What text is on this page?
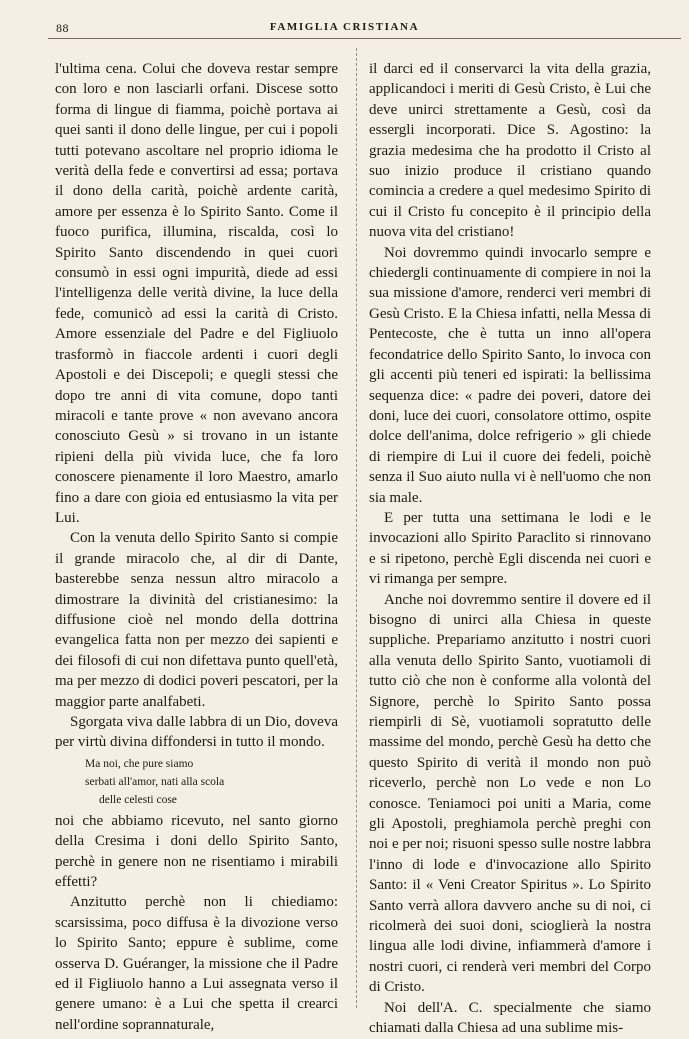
88	FAMIGLIA CRISTIANA

l'ultima cena. Colui che doveva restar sempre con loro e non lasciarli orfani. Discese sotto forma di lingue di fiamma, poichè portava ai quei santi il dono delle lingue, per cui i popoli tutti potevano ascoltare nel proprio idioma le verità della fede e convertirsi ad essa; portava il dono della carità, poichè ardente carità, amore per essenza è lo Spirito Santo. Come il fuoco purifica, illumina, riscalda, così lo Spirito Santo discendendo in quei cuori consumò in essi ogni impurità, diede ad essi l'intelligenza delle verità divine, la luce della fede, comunicò ad essi la carità di Cristo. Amore essenziale del Padre e del Figliuolo trasformò in fiaccole ardenti i cuori degli Apostoli e dei Discepoli; e quegli stessi che dopo tre anni di vita comune, dopo tanti miracoli e tante prove « non avevano ancora conosciuto Gesù » si trovano in un istante ripieni della più vivida luce, che fa loro conoscere pienamente il loro Maestro, amarlo fino a dare con gioia ed entusiasmo la vita per Lui.

Con la venuta dello Spirito Santo si compie il grande miracolo che, al dir di Dante, basterebbe senza nessun altro miracolo a dimostrare la divinità del cristianesimo: la diffusione cioè nel mondo della dottrina evangelica fatta non per mezzo dei sapienti e dei filosofi di cui non difettava punto quell'età, ma per mezzo di dodici poveri pescatori, per la maggior parte analfabeti.

Sgorgata viva dalle labbra di un Dio, doveva per virtù divina diffondersi in tutto il mondo.

Ma noi, che pure siamo
serbati all'amor, nati alla scola
delle celesti cose

noi che abbiamo ricevuto, nel santo giorno della Cresima i doni dello Spirito Santo, perchè in genere non ne risentiamo i mirabili effetti?

Anzitutto perchè non li chiediamo: scarsissima, poco diffusa è la divozione verso lo Spirito Santo; eppure è sublime, come osserva D. Guéranger, la missione che il Padre ed il Figliuolo hanno a Lui assegnata verso il genere umano: è a Lui che spetta il crearci nell'ordine soprannaturale,

il darci ed il conservarci la vita della grazia, applicandoci i meriti di Gesù Cristo, è Lui che deve unirci strettamente a Gesù, così da essergli incorporati. Dice S. Agostino: la grazia medesima che ha prodotto il Cristo al suo inizio produce il cristiano quando comincia a credere a quel medesimo Spirito di cui il Cristo fu concepito è il principio della nuova vita del cristiano!

Noi dovremmo quindi invocarlo sempre e chiedergli continuamente di compiere in noi la sua missione d'amore, renderci veri membri di Gesù Cristo. E la Chiesa infatti, nella Messa di Pentecoste, che è tutta un inno all'opera fecondatrice dello Spirito Santo, lo invoca con gli accenti più teneri ed ispirati: la bellissima sequenza dice: « padre dei poveri, datore dei doni, luce dei cuori, consolatore ottimo, ospite dolce dell'anima, dolce refrigerio » gli chiede di riempire di Lui il cuore dei fedeli, poichè senza il Suo aiuto nulla vi è nell'uomo che non sia male.

E per tutta una settimana le lodi e le invocazioni allo Spirito Paraclito si rinnovano e si ripetono, perchè Egli discenda nei cuori e vi rimanga per sempre.

Anche noi dovremmo sentire il dovere ed il bisogno di unirci alla Chiesa in queste suppliche. Prepariamo anzitutto i nostri cuori alla venuta dello Spirito Santo, vuotiamoli di tutto ciò che non è conforme alla volontà del Signore, perchè lo Spirito Santo possa riempirli di Sè, vuotiamoli sopratutto delle massime del mondo, perchè Gesù ha detto che questo Spirito di verità il mondo non può riceverlo, perchè non Lo vede e non Lo conosce. Teniamoci poi uniti a Maria, come gli Apostoli, preghiamola perchè preghi con noi e per noi; risuoni spesso sulle nostre labbra l'inno di lode e d'invocazione allo Spirito Santo: il « Veni Creator Spiritus ». Lo Spirito Santo verrà allora davvero anche su di noi, ci ricolmerà dei suoi doni, scioglierà la nostra lingua alle lodi divine, infiammerà d'amore i nostri cuori, ci renderà veri membri del Corpo di Cristo.

Noi dell'A. C. specialmente che siamo chiamati dalla Chiesa ad una sublime mis-
